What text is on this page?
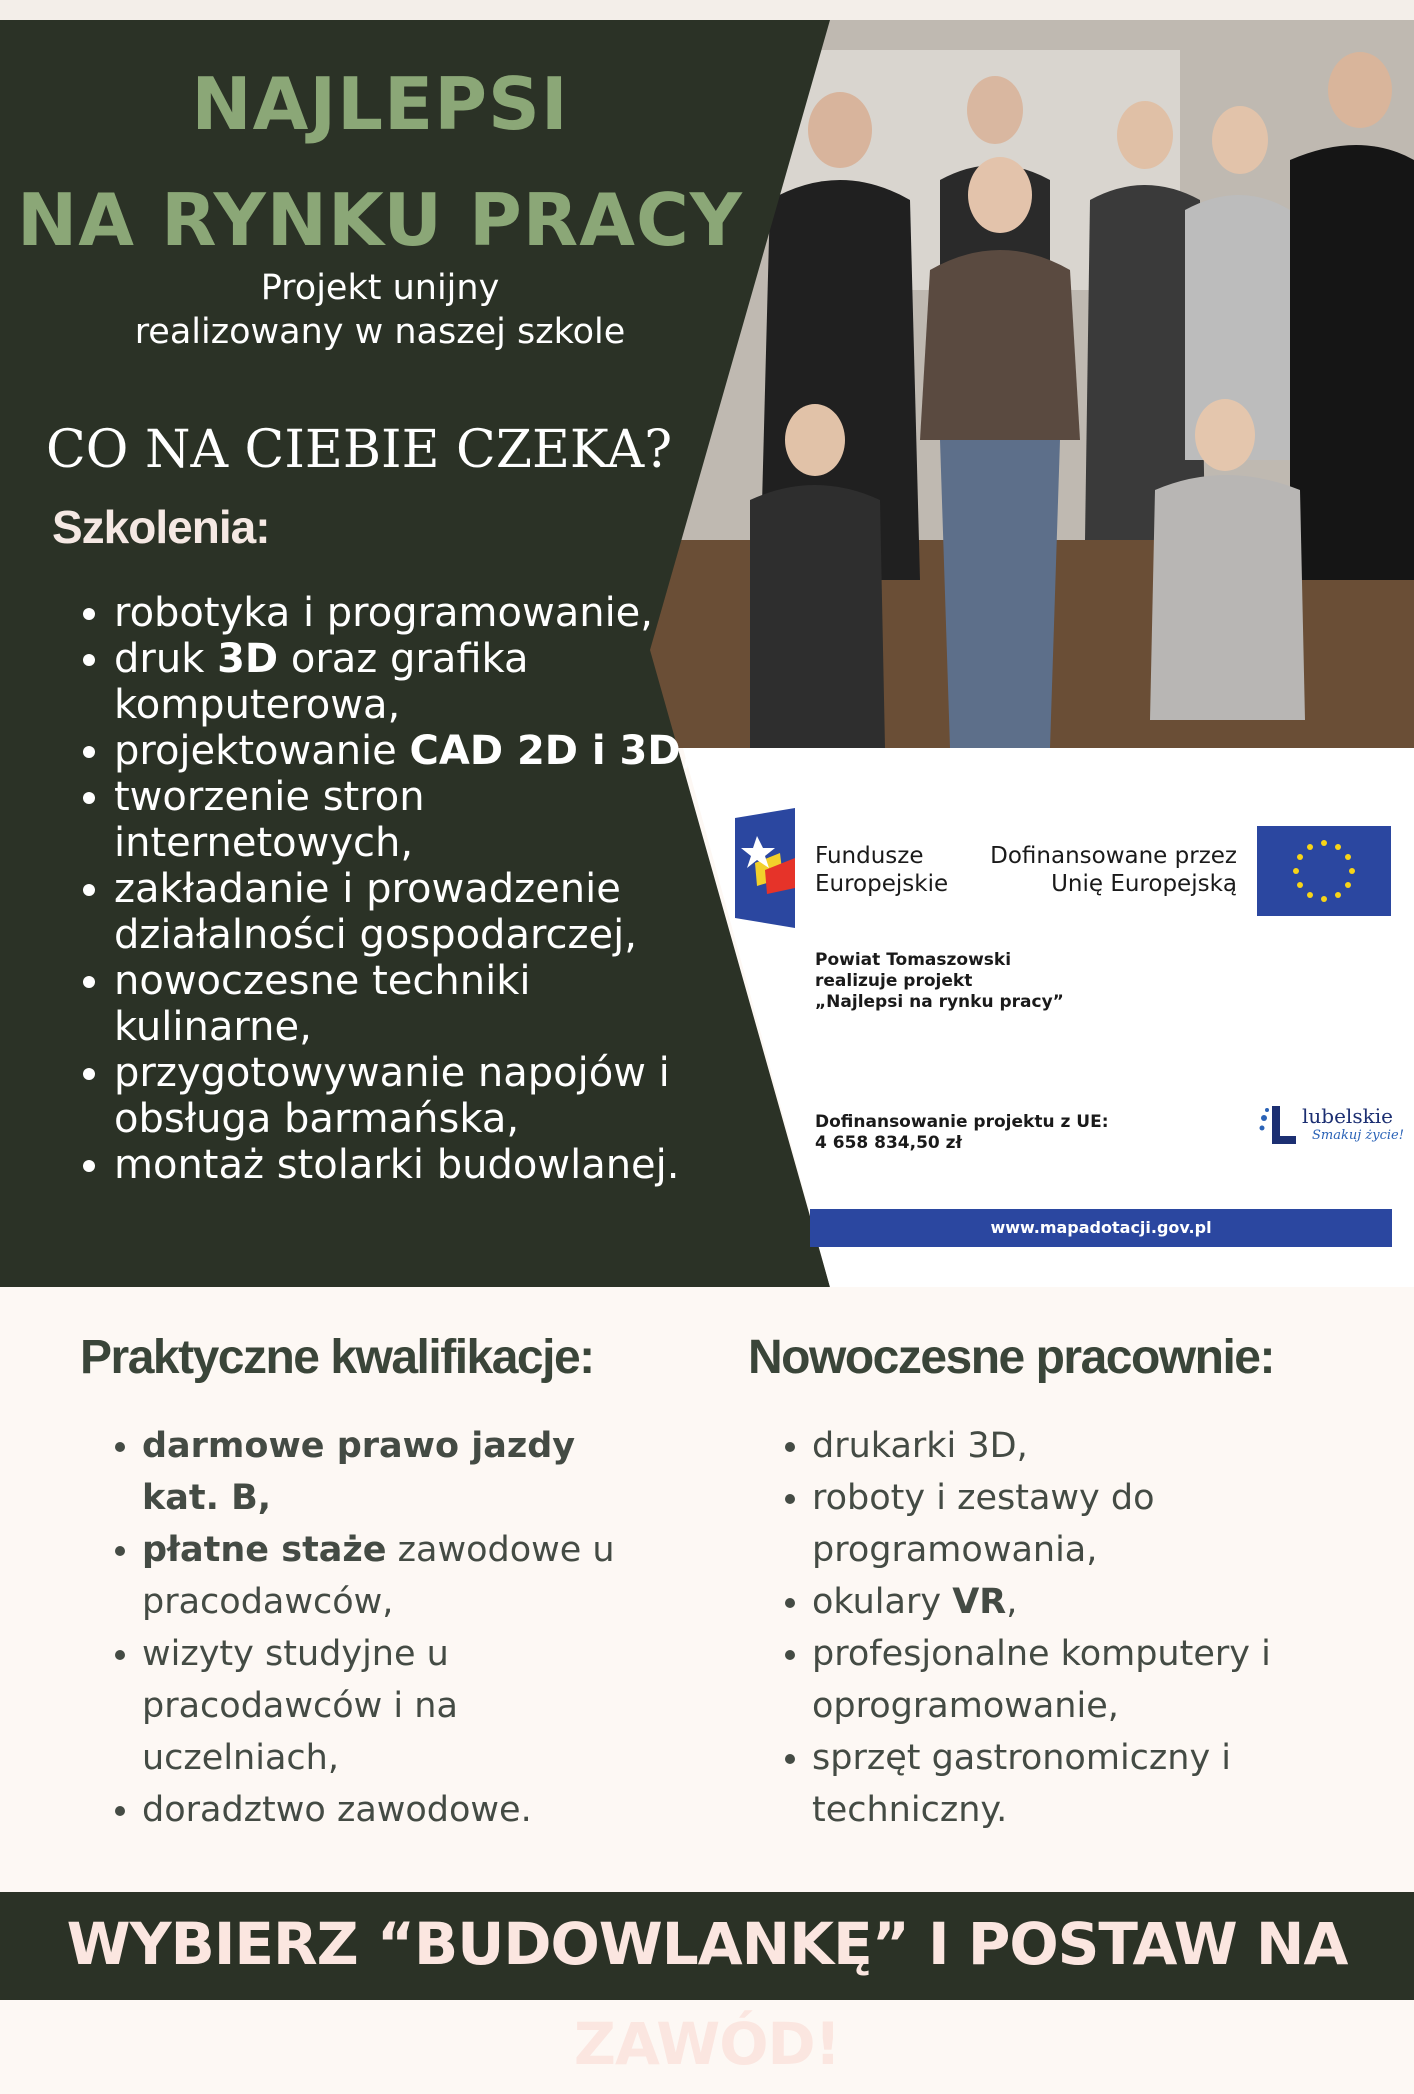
NAJLEPSI
NA RYNKU PRACY
Projekt unijny
realizowany w naszej szkole
CO NA CIEBIE CZEKA?
Szkolenia:
• robotyka i programowanie,
• druk 3D oraz grafika komputerowa,
• projektowanie CAD 2D i 3D,
• tworzenie stron internetowych,
• zakładanie i prowadzenie działalności gospodarczej,
• nowoczesne techniki kulinarne,
• przygotowywanie napojów i obsługa barmańska,
• montaż stolarki budowlanej.
Fundusze
Europejskie
Dofinansowane przez
Unię Europejską
Powiat Tomaszowski
realizuje projekt
„Najlepsi na rynku pracy”
Dofinansowanie projektu z UE:
4 658 834,50 zł
lubelskie
Smakuj życie!
www.mapadotacji.gov.pl
Praktyczne kwalifikacje:
• darmowe prawo jazdy kat. B,
• płatne staże zawodowe u pracodawców,
• wizyty studyjne u pracodawców i na uczelniach,
• doradztwo zawodowe.
Nowoczesne pracownie:
• drukarki 3D,
• roboty i zestawy do programowania,
• okulary VR,
• profesjonalne komputery i oprogramowanie,
• sprzęt gastronomiczny i techniczny.
WYBIERZ “BUDOWLANKĘ” I POSTAW NA ZAWÓD!
